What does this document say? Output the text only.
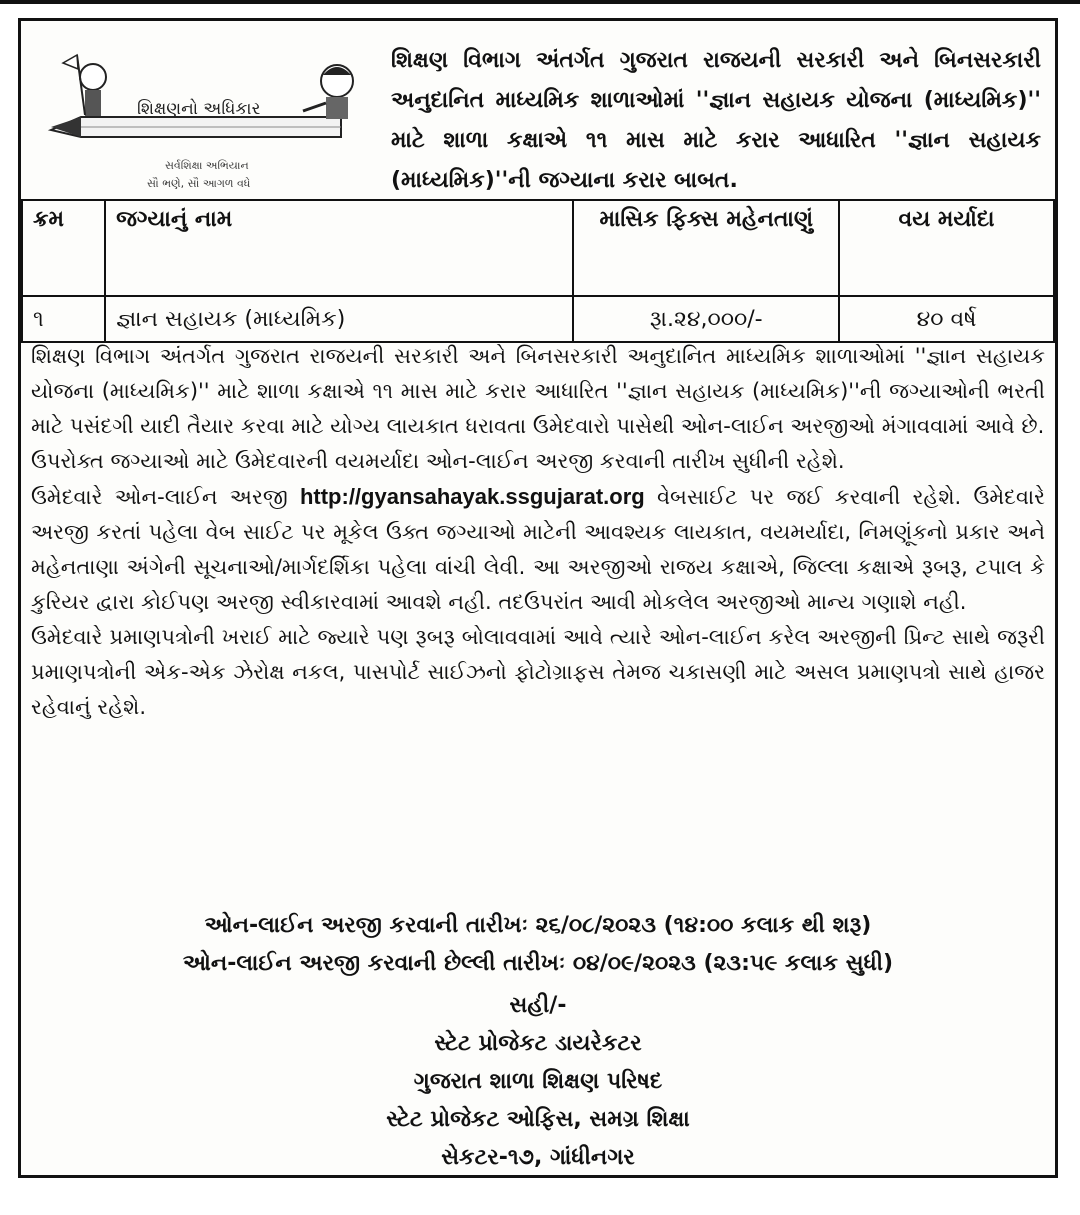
શિક્ષણનો અધિકાર
સર્વશિક્ષા અભિયાન
સૌ ભણે, સૌ આગળ વધે
શિક્ષણ વિભાગ અંતર્ગત ગુજરાત રાજયની સરકારી અને બિનસરકારી અનુદાનિત માધ્યમિક શાળાઓમાં ''જ્ઞાન સહાયક યોજના (માધ્યમિક)'' માટે શાળા કક્ષાએ ૧૧ માસ માટે કરાર આધારિત ''જ્ઞાન સહાયક (માધ્યમિક)''ની જગ્યાના કરાર બાબત.
ક્રમ	જગ્યાનું નામ	માસિક ફિક્સ મહેનતાણું	વય મર્યાદા
૧	જ્ઞાન સહાયક (માધ્યમિક)	રૂા.૨૪,૦૦૦/-	૪૦ વર્ષ

શિક્ષણ વિભાગ અંતર્ગત ગુજરાત રાજયની સરકારી અને બિનસરકારી અનુદાનિત માધ્યમિક શાળાઓમાં ''જ્ઞાન સહાયક યોજના (માધ્યમિક)'' માટે શાળા કક્ષાએ ૧૧ માસ માટે કરાર આધારિત ''જ્ઞાન સહાયક (માધ્યમિક)''ની જગ્યાઓની ભરતી માટે પસંદગી યાદી તૈયાર કરવા માટે યોગ્ય લાયકાત ધરાવતા ઉમેદવારો પાસેથી ઓન-લાઈન અરજીઓ મંગાવવામાં આવે છે.

ઉપરોક્ત જગ્યાઓ માટે ઉમેદવારની વયમર્યાદા ઓન-લાઈન અરજી કરવાની તારીખ સુધીની રહેશે.

ઉમેદવારે ઓન-લાઈન અરજી http://gyansahayak.ssgujarat.org વેબસાઈટ પર જઈ કરવાની રહેશે. ઉમેદવારે અરજી કરતાં પહેલા વેબ સાઈટ પર મૂકેલ ઉક્ત જગ્યાઓ માટેની આવશ્યક લાયકાત, વયમર્યાદા, નિમણૂંકનો પ્રકાર અને મહેનતાણા અંગેની સૂચનાઓ/માર્ગદર્શિકા પહેલા વાંચી લેવી. આ અરજીઓ રાજય કક્ષાએ, જિલ્લા કક્ષાએ રૂબરૂ, ટપાલ કે કુરિયર દ્વારા કોઈપણ અરજી સ્વીકારવામાં આવશે નહી. તદઉપરાંત આવી મોકલેલ અરજીઓ માન્ય ગણાશે નહી.

ઉમેદવારે પ્રમાણપત્રોની ખરાઈ માટે જ્યારે પણ રૂબરૂ બોલાવવામાં આવે ત્યારે ઓન-લાઈન કરેલ અરજીની પ્રિન્ટ સાથે જરૂરી પ્રમાણપત્રોની એક-એક ઝેરોક્ષ નકલ, પાસપોર્ટ સાઈઝનો ફોટોગ્રાફસ તેમજ ચકાસણી માટે અસલ પ્રમાણપત્રો સાથે હાજર રહેવાનું રહેશે.

ઓન-લાઈન અરજી કરવાની તારીખઃ ૨૬/૦૮/૨૦૨૩ (૧૪:૦૦ કલાક થી શરૂ)
ઓન-લાઈન અરજી કરવાની છેલ્લી તારીખઃ ૦૪/૦૯/૨૦૨૩ (૨૩:૫૯ કલાક સુધી)
સહી/-
સ્ટેટ પ્રોજેકટ ડાયરેકટર
ગુજરાત શાળા શિક્ષણ પરિષદ
સ્ટેટ પ્રોજેકટ ઓફિસ, સમગ્ર શિક્ષા
સેકટર-૧૭, ગાંધીનગર
